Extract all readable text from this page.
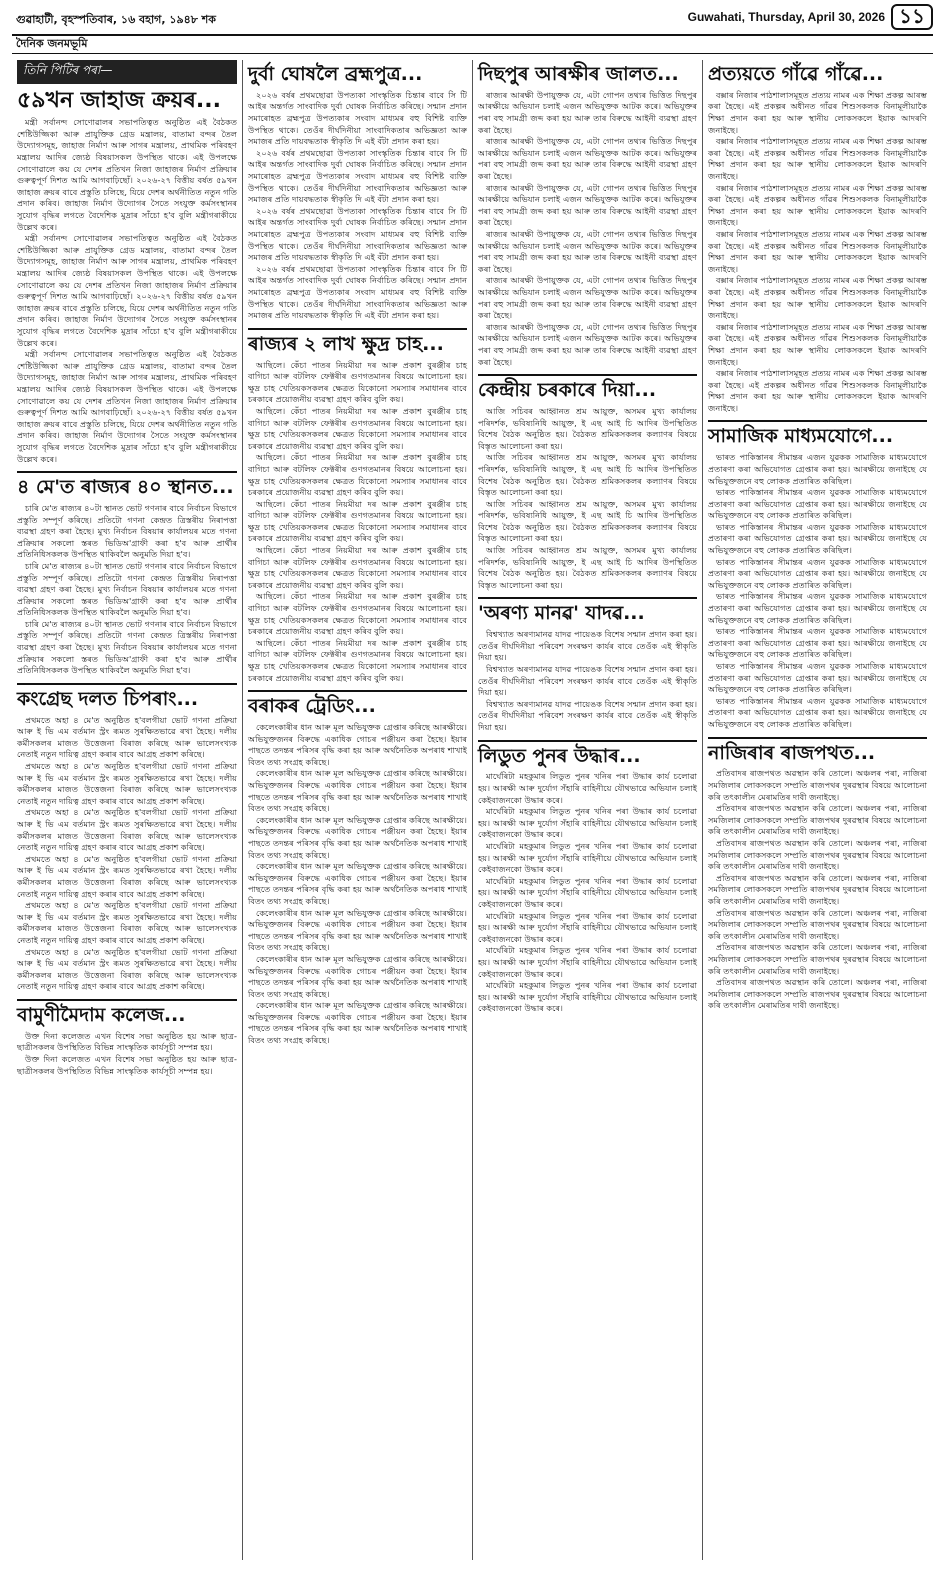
গুৱাহাটী, বৃহস্পতিবাৰ, ১৬ বহাগ, ১৯৪৮ শক	Guwahati, Thursday, April 30, 2026 ১১
দৈনিক জনমভূমি
তিনি পিটিৰ পৰা—
৫৯খন জাহাজ ক্ৰয়ৰ...

মন্ত্ৰী সৰ্বানন্দ সোণোৱালৰ সভাপতিত্বত অনুষ্ঠিত এই বৈঠকত শেষ্টিউজ্জিকা আৰু প্ৰাযুক্তিক গ্ৰেড মন্ত্ৰালয়, বাতামা বন্দৰ তৈল উদ্যোগসমূহ, জাহাজ নিৰ্মাণ আৰু সাগৰ মন্ত্ৰালয়, প্ৰাথমিক পৰিবহণ মন্ত্ৰালয় আদিৰ জ্যেষ্ঠ বিষয়াসকল উপস্থিত থাকে। এই উপলক্ষে সোণোৱালে কয় যে দেশৰ প্ৰতিখন নিজা জাহাজৰ নিৰ্মাণ প্ৰক্ৰিয়াৰ গুৰুত্বপূৰ্ণ দিশত আমি আগবাঢ়িছোঁ। ২০২৬-২৭ বিত্তীয় বৰ্ষত ৫৯খন জাহাজ ক্ৰয়ৰ বাবে প্ৰস্তুতি চলিছে, যিয়ে দেশৰ অৰ্থনীতিত নতুন গতি প্ৰদান কৰিব। জাহাজ নিৰ্মাণ উদ্যোগৰ সৈতে সংযুক্ত কৰ্মসংস্থানৰ সুযোগ বৃদ্ধিৰ লগতে বৈদেশিক মুদ্ৰাৰ সাঁচো হ'ব বুলি মন্ত্ৰীগৰাকীয়ে উল্লেখ কৰে।

মন্ত্ৰী সৰ্বানন্দ সোণোৱালৰ সভাপতিত্বত অনুষ্ঠিত এই বৈঠকত শেষ্টিউজ্জিকা আৰু প্ৰাযুক্তিক গ্ৰেড মন্ত্ৰালয়, বাতামা বন্দৰ তৈল উদ্যোগসমূহ, জাহাজ নিৰ্মাণ আৰু সাগৰ মন্ত্ৰালয়, প্ৰাথমিক পৰিবহণ মন্ত্ৰালয় আদিৰ জ্যেষ্ঠ বিষয়াসকল উপস্থিত থাকে। এই উপলক্ষে সোণোৱালে কয় যে দেশৰ প্ৰতিখন নিজা জাহাজৰ নিৰ্মাণ প্ৰক্ৰিয়াৰ গুৰুত্বপূৰ্ণ দিশত আমি আগবাঢ়িছোঁ। ২০২৬-২৭ বিত্তীয় বৰ্ষত ৫৯খন জাহাজ ক্ৰয়ৰ বাবে প্ৰস্তুতি চলিছে, যিয়ে দেশৰ অৰ্থনীতিত নতুন গতি প্ৰদান কৰিব। জাহাজ নিৰ্মাণ উদ্যোগৰ সৈতে সংযুক্ত কৰ্মসংস্থানৰ সুযোগ বৃদ্ধিৰ লগতে বৈদেশিক মুদ্ৰাৰ সাঁচো হ'ব বুলি মন্ত্ৰীগৰাকীয়ে উল্লেখ কৰে।

মন্ত্ৰী সৰ্বানন্দ সোণোৱালৰ সভাপতিত্বত অনুষ্ঠিত এই বৈঠকত শেষ্টিউজ্জিকা আৰু প্ৰাযুক্তিক গ্ৰেড মন্ত্ৰালয়, বাতামা বন্দৰ তৈল উদ্যোগসমূহ, জাহাজ নিৰ্মাণ আৰু সাগৰ মন্ত্ৰালয়, প্ৰাথমিক পৰিবহণ মন্ত্ৰালয় আদিৰ জ্যেষ্ঠ বিষয়াসকল উপস্থিত থাকে। এই উপলক্ষে সোণোৱালে কয় যে দেশৰ প্ৰতিখন নিজা জাহাজৰ নিৰ্মাণ প্ৰক্ৰিয়াৰ গুৰুত্বপূৰ্ণ দিশত আমি আগবাঢ়িছোঁ। ২০২৬-২৭ বিত্তীয় বৰ্ষত ৫৯খন জাহাজ ক্ৰয়ৰ বাবে প্ৰস্তুতি চলিছে, যিয়ে দেশৰ অৰ্থনীতিত নতুন গতি প্ৰদান কৰিব। জাহাজ নিৰ্মাণ উদ্যোগৰ সৈতে সংযুক্ত কৰ্মসংস্থানৰ সুযোগ বৃদ্ধিৰ লগতে বৈদেশিক মুদ্ৰাৰ সাঁচো হ'ব বুলি মন্ত্ৰীগৰাকীয়ে উল্লেখ কৰে।

৪ মে'ত ৰাজ্যৰ ৪০ স্থানত...

চাৰি মে'ত ৰাজ্যৰ ৪০টা স্থানত ভোট গণনাৰ বাবে নিৰ্বাচন বিভাগে প্ৰস্তুতি সম্পূৰ্ণ কৰিছে। প্ৰতিটো গণনা কেন্দ্ৰত ত্ৰিস্তৰীয় নিৰাপত্তা ব্যৱস্থা গ্ৰহণ কৰা হৈছে। মুখ্য নিৰ্বাচন বিষয়াৰ কাৰ্যালয়ৰ মতে গণনা প্ৰক্ৰিয়াৰ সকলো স্তৰত ভিডিঅ'গ্ৰাফী কৰা হ'ব আৰু প্ৰাৰ্থীৰ প্ৰতিনিধিসকলক উপস্থিত থাকিবলৈ অনুমতি দিয়া হ'ব।

চাৰি মে'ত ৰাজ্যৰ ৪০টা স্থানত ভোট গণনাৰ বাবে নিৰ্বাচন বিভাগে প্ৰস্তুতি সম্পূৰ্ণ কৰিছে। প্ৰতিটো গণনা কেন্দ্ৰত ত্ৰিস্তৰীয় নিৰাপত্তা ব্যৱস্থা গ্ৰহণ কৰা হৈছে। মুখ্য নিৰ্বাচন বিষয়াৰ কাৰ্যালয়ৰ মতে গণনা প্ৰক্ৰিয়াৰ সকলো স্তৰত ভিডিঅ'গ্ৰাফী কৰা হ'ব আৰু প্ৰাৰ্থীৰ প্ৰতিনিধিসকলক উপস্থিত থাকিবলৈ অনুমতি দিয়া হ'ব।

চাৰি মে'ত ৰাজ্যৰ ৪০টা স্থানত ভোট গণনাৰ বাবে নিৰ্বাচন বিভাগে প্ৰস্তুতি সম্পূৰ্ণ কৰিছে। প্ৰতিটো গণনা কেন্দ্ৰত ত্ৰিস্তৰীয় নিৰাপত্তা ব্যৱস্থা গ্ৰহণ কৰা হৈছে। মুখ্য নিৰ্বাচন বিষয়াৰ কাৰ্যালয়ৰ মতে গণনা প্ৰক্ৰিয়াৰ সকলো স্তৰত ভিডিঅ'গ্ৰাফী কৰা হ'ব আৰু প্ৰাৰ্থীৰ প্ৰতিনিধিসকলক উপস্থিত থাকিবলৈ অনুমতি দিয়া হ'ব।

কংগ্ৰেছ দলত চিপৰাং...

প্ৰথমতে অহা ৪ মে'ত অনুষ্ঠিত হ'বলগীয়া ভোট গণনা প্ৰক্ৰিয়া আৰু ই ভি এম বৰ্তমান স্ট্ৰং ৰূমত সুৰক্ষিতভাৱে ৰখা হৈছে। দলীয় কৰ্মীসকলৰ মাজত উত্তেজনা বিৰাজ কৰিছে আৰু ভালেসংখ্যক নেতাই নতুন দায়িত্ব গ্ৰহণ কৰাৰ বাবে আগ্ৰহ প্ৰকাশ কৰিছে।

প্ৰথমতে অহা ৪ মে'ত অনুষ্ঠিত হ'বলগীয়া ভোট গণনা প্ৰক্ৰিয়া আৰু ই ভি এম বৰ্তমান স্ট্ৰং ৰূমত সুৰক্ষিতভাৱে ৰখা হৈছে। দলীয় কৰ্মীসকলৰ মাজত উত্তেজনা বিৰাজ কৰিছে আৰু ভালেসংখ্যক নেতাই নতুন দায়িত্ব গ্ৰহণ কৰাৰ বাবে আগ্ৰহ প্ৰকাশ কৰিছে।

প্ৰথমতে অহা ৪ মে'ত অনুষ্ঠিত হ'বলগীয়া ভোট গণনা প্ৰক্ৰিয়া আৰু ই ভি এম বৰ্তমান স্ট্ৰং ৰূমত সুৰক্ষিতভাৱে ৰখা হৈছে। দলীয় কৰ্মীসকলৰ মাজত উত্তেজনা বিৰাজ কৰিছে আৰু ভালেসংখ্যক নেতাই নতুন দায়িত্ব গ্ৰহণ কৰাৰ বাবে আগ্ৰহ প্ৰকাশ কৰিছে।

প্ৰথমতে অহা ৪ মে'ত অনুষ্ঠিত হ'বলগীয়া ভোট গণনা প্ৰক্ৰিয়া আৰু ই ভি এম বৰ্তমান স্ট্ৰং ৰূমত সুৰক্ষিতভাৱে ৰখা হৈছে। দলীয় কৰ্মীসকলৰ মাজত উত্তেজনা বিৰাজ কৰিছে আৰু ভালেসংখ্যক নেতাই নতুন দায়িত্ব গ্ৰহণ কৰাৰ বাবে আগ্ৰহ প্ৰকাশ কৰিছে।

প্ৰথমতে অহা ৪ মে'ত অনুষ্ঠিত হ'বলগীয়া ভোট গণনা প্ৰক্ৰিয়া আৰু ই ভি এম বৰ্তমান স্ট্ৰং ৰূমত সুৰক্ষিতভাৱে ৰখা হৈছে। দলীয় কৰ্মীসকলৰ মাজত উত্তেজনা বিৰাজ কৰিছে আৰু ভালেসংখ্যক নেতাই নতুন দায়িত্ব গ্ৰহণ কৰাৰ বাবে আগ্ৰহ প্ৰকাশ কৰিছে।

প্ৰথমতে অহা ৪ মে'ত অনুষ্ঠিত হ'বলগীয়া ভোট গণনা প্ৰক্ৰিয়া আৰু ই ভি এম বৰ্তমান স্ট্ৰং ৰূমত সুৰক্ষিতভাৱে ৰখা হৈছে। দলীয় কৰ্মীসকলৰ মাজত উত্তেজনা বিৰাজ কৰিছে আৰু ভালেসংখ্যক নেতাই নতুন দায়িত্ব গ্ৰহণ কৰাৰ বাবে আগ্ৰহ প্ৰকাশ কৰিছে।

বামুণীমৈদাম কলেজ...

উক্ত দিনা কলেজত এখন বিশেষ সভা অনুষ্ঠিত হয় আৰু ছাত্ৰ-ছাত্ৰীসকলৰ উপস্থিতিত বিভিন্ন সাংস্কৃতিক কাৰ্যসূচী সম্পন্ন হয়।

উক্ত দিনা কলেজত এখন বিশেষ সভা অনুষ্ঠিত হয় আৰু ছাত্ৰ-ছাত্ৰীসকলৰ উপস্থিতিত বিভিন্ন সাংস্কৃতিক কাৰ্যসূচী সম্পন্ন হয়।

দুৰ্বা ঘোষলৈ ব্ৰহ্মপুত্ৰ...

২০২৬ বৰ্ষৰ প্ৰথমছোৱা উপত্যকা সাংস্কৃতিক চিন্তাৰ বাবে সি টি আইৰ অন্তৰ্গত সাংবাদিক দুৰ্বা ঘোষক নিৰ্বাচিত কৰিছে। সন্মান প্ৰদান সমাৰোহত ব্ৰহ্মপুত্ৰ উপত্যকাৰ সংবাদ মাধ্যমৰ বহু বিশিষ্ট ব্যক্তি উপস্থিত থাকে। তেওঁৰ দীৰ্ঘদিনীয়া সাংবাদিকতাৰ অভিজ্ঞতা আৰু সমাজৰ প্ৰতি দায়বদ্ধতাক স্বীকৃতি দি এই বঁটা প্ৰদান কৰা হয়।

২০২৬ বৰ্ষৰ প্ৰথমছোৱা উপত্যকা সাংস্কৃতিক চিন্তাৰ বাবে সি টি আইৰ অন্তৰ্গত সাংবাদিক দুৰ্বা ঘোষক নিৰ্বাচিত কৰিছে। সন্মান প্ৰদান সমাৰোহত ব্ৰহ্মপুত্ৰ উপত্যকাৰ সংবাদ মাধ্যমৰ বহু বিশিষ্ট ব্যক্তি উপস্থিত থাকে। তেওঁৰ দীৰ্ঘদিনীয়া সাংবাদিকতাৰ অভিজ্ঞতা আৰু সমাজৰ প্ৰতি দায়বদ্ধতাক স্বীকৃতি দি এই বঁটা প্ৰদান কৰা হয়।

২০২৬ বৰ্ষৰ প্ৰথমছোৱা উপত্যকা সাংস্কৃতিক চিন্তাৰ বাবে সি টি আইৰ অন্তৰ্গত সাংবাদিক দুৰ্বা ঘোষক নিৰ্বাচিত কৰিছে। সন্মান প্ৰদান সমাৰোহত ব্ৰহ্মপুত্ৰ উপত্যকাৰ সংবাদ মাধ্যমৰ বহু বিশিষ্ট ব্যক্তি উপস্থিত থাকে। তেওঁৰ দীৰ্ঘদিনীয়া সাংবাদিকতাৰ অভিজ্ঞতা আৰু সমাজৰ প্ৰতি দায়বদ্ধতাক স্বীকৃতি দি এই বঁটা প্ৰদান কৰা হয়।

২০২৬ বৰ্ষৰ প্ৰথমছোৱা উপত্যকা সাংস্কৃতিক চিন্তাৰ বাবে সি টি আইৰ অন্তৰ্গত সাংবাদিক দুৰ্বা ঘোষক নিৰ্বাচিত কৰিছে। সন্মান প্ৰদান সমাৰোহত ব্ৰহ্মপুত্ৰ উপত্যকাৰ সংবাদ মাধ্যমৰ বহু বিশিষ্ট ব্যক্তি উপস্থিত থাকে। তেওঁৰ দীৰ্ঘদিনীয়া সাংবাদিকতাৰ অভিজ্ঞতা আৰু সমাজৰ প্ৰতি দায়বদ্ধতাক স্বীকৃতি দি এই বঁটা প্ৰদান কৰা হয়।

ৰাজ্যৰ ২ লাখ ক্ষুদ্ৰ চাহ...

আছিলে। কেঁচা পাতৰ নিয়মীয়া দৰ আৰু প্ৰকাশ বুৰঞ্জীৰ চাহ বাগিচা আৰু বটলিফ ফেক্টৰীৰ গুণগতমানৰ বিষয়ে আলোচনা হয়। ক্ষুদ্ৰ চাহ খেতিয়কসকলৰ ক্ষেত্ৰত যিকোনো সমস্যাৰ সমাধানৰ বাবে চৰকাৰে প্ৰয়োজনীয় ব্যৱস্থা গ্ৰহণ কৰিব বুলি কয়।

আছিলে। কেঁচা পাতৰ নিয়মীয়া দৰ আৰু প্ৰকাশ বুৰঞ্জীৰ চাহ বাগিচা আৰু বটলিফ ফেক্টৰীৰ গুণগতমানৰ বিষয়ে আলোচনা হয়। ক্ষুদ্ৰ চাহ খেতিয়কসকলৰ ক্ষেত্ৰত যিকোনো সমস্যাৰ সমাধানৰ বাবে চৰকাৰে প্ৰয়োজনীয় ব্যৱস্থা গ্ৰহণ কৰিব বুলি কয়।

আছিলে। কেঁচা পাতৰ নিয়মীয়া দৰ আৰু প্ৰকাশ বুৰঞ্জীৰ চাহ বাগিচা আৰু বটলিফ ফেক্টৰীৰ গুণগতমানৰ বিষয়ে আলোচনা হয়। ক্ষুদ্ৰ চাহ খেতিয়কসকলৰ ক্ষেত্ৰত যিকোনো সমস্যাৰ সমাধানৰ বাবে চৰকাৰে প্ৰয়োজনীয় ব্যৱস্থা গ্ৰহণ কৰিব বুলি কয়।

আছিলে। কেঁচা পাতৰ নিয়মীয়া দৰ আৰু প্ৰকাশ বুৰঞ্জীৰ চাহ বাগিচা আৰু বটলিফ ফেক্টৰীৰ গুণগতমানৰ বিষয়ে আলোচনা হয়। ক্ষুদ্ৰ চাহ খেতিয়কসকলৰ ক্ষেত্ৰত যিকোনো সমস্যাৰ সমাধানৰ বাবে চৰকাৰে প্ৰয়োজনীয় ব্যৱস্থা গ্ৰহণ কৰিব বুলি কয়।

আছিলে। কেঁচা পাতৰ নিয়মীয়া দৰ আৰু প্ৰকাশ বুৰঞ্জীৰ চাহ বাগিচা আৰু বটলিফ ফেক্টৰীৰ গুণগতমানৰ বিষয়ে আলোচনা হয়। ক্ষুদ্ৰ চাহ খেতিয়কসকলৰ ক্ষেত্ৰত যিকোনো সমস্যাৰ সমাধানৰ বাবে চৰকাৰে প্ৰয়োজনীয় ব্যৱস্থা গ্ৰহণ কৰিব বুলি কয়।

আছিলে। কেঁচা পাতৰ নিয়মীয়া দৰ আৰু প্ৰকাশ বুৰঞ্জীৰ চাহ বাগিচা আৰু বটলিফ ফেক্টৰীৰ গুণগতমানৰ বিষয়ে আলোচনা হয়। ক্ষুদ্ৰ চাহ খেতিয়কসকলৰ ক্ষেত্ৰত যিকোনো সমস্যাৰ সমাধানৰ বাবে চৰকাৰে প্ৰয়োজনীয় ব্যৱস্থা গ্ৰহণ কৰিব বুলি কয়।

আছিলে। কেঁচা পাতৰ নিয়মীয়া দৰ আৰু প্ৰকাশ বুৰঞ্জীৰ চাহ বাগিচা আৰু বটলিফ ফেক্টৰীৰ গুণগতমানৰ বিষয়ে আলোচনা হয়। ক্ষুদ্ৰ চাহ খেতিয়কসকলৰ ক্ষেত্ৰত যিকোনো সমস্যাৰ সমাধানৰ বাবে চৰকাৰে প্ৰয়োজনীয় ব্যৱস্থা গ্ৰহণ কৰিব বুলি কয়।

বৰাকৰ ট্ৰেডিং...

কেলেংকাৰীৰ ধান আৰু মূল অভিযুক্তক গ্ৰেপ্তাৰ কৰিছে আৰক্ষীয়ে। অভিযুক্তজনৰ বিৰুদ্ধে একাধিক গোচৰ পঞ্জীয়ন কৰা হৈছে। ইয়াৰ পাছতে তদন্তৰ পৰিসৰ বৃদ্ধি কৰা হয় আৰু অৰ্থনৈতিক অপৰাধ শাখাই বিতং তথ্য সংগ্ৰহ কৰিছে।

কেলেংকাৰীৰ ধান আৰু মূল অভিযুক্তক গ্ৰেপ্তাৰ কৰিছে আৰক্ষীয়ে। অভিযুক্তজনৰ বিৰুদ্ধে একাধিক গোচৰ পঞ্জীয়ন কৰা হৈছে। ইয়াৰ পাছতে তদন্তৰ পৰিসৰ বৃদ্ধি কৰা হয় আৰু অৰ্থনৈতিক অপৰাধ শাখাই বিতং তথ্য সংগ্ৰহ কৰিছে।

কেলেংকাৰীৰ ধান আৰু মূল অভিযুক্তক গ্ৰেপ্তাৰ কৰিছে আৰক্ষীয়ে। অভিযুক্তজনৰ বিৰুদ্ধে একাধিক গোচৰ পঞ্জীয়ন কৰা হৈছে। ইয়াৰ পাছতে তদন্তৰ পৰিসৰ বৃদ্ধি কৰা হয় আৰু অৰ্থনৈতিক অপৰাধ শাখাই বিতং তথ্য সংগ্ৰহ কৰিছে।

কেলেংকাৰীৰ ধান আৰু মূল অভিযুক্তক গ্ৰেপ্তাৰ কৰিছে আৰক্ষীয়ে। অভিযুক্তজনৰ বিৰুদ্ধে একাধিক গোচৰ পঞ্জীয়ন কৰা হৈছে। ইয়াৰ পাছতে তদন্তৰ পৰিসৰ বৃদ্ধি কৰা হয় আৰু অৰ্থনৈতিক অপৰাধ শাখাই বিতং তথ্য সংগ্ৰহ কৰিছে।

কেলেংকাৰীৰ ধান আৰু মূল অভিযুক্তক গ্ৰেপ্তাৰ কৰিছে আৰক্ষীয়ে। অভিযুক্তজনৰ বিৰুদ্ধে একাধিক গোচৰ পঞ্জীয়ন কৰা হৈছে। ইয়াৰ পাছতে তদন্তৰ পৰিসৰ বৃদ্ধি কৰা হয় আৰু অৰ্থনৈতিক অপৰাধ শাখাই বিতং তথ্য সংগ্ৰহ কৰিছে।

কেলেংকাৰীৰ ধান আৰু মূল অভিযুক্তক গ্ৰেপ্তাৰ কৰিছে আৰক্ষীয়ে। অভিযুক্তজনৰ বিৰুদ্ধে একাধিক গোচৰ পঞ্জীয়ন কৰা হৈছে। ইয়াৰ পাছতে তদন্তৰ পৰিসৰ বৃদ্ধি কৰা হয় আৰু অৰ্থনৈতিক অপৰাধ শাখাই বিতং তথ্য সংগ্ৰহ কৰিছে।

কেলেংকাৰীৰ ধান আৰু মূল অভিযুক্তক গ্ৰেপ্তাৰ কৰিছে আৰক্ষীয়ে। অভিযুক্তজনৰ বিৰুদ্ধে একাধিক গোচৰ পঞ্জীয়ন কৰা হৈছে। ইয়াৰ পাছতে তদন্তৰ পৰিসৰ বৃদ্ধি কৰা হয় আৰু অৰ্থনৈতিক অপৰাধ শাখাই বিতং তথ্য সংগ্ৰহ কৰিছে।

দিছপুৰ আৰক্ষীৰ জালত...

ৰাজ্যৰ আৰক্ষী উপায়ুক্তক যে, এটা গোপন তথ্যৰ ভিত্তিত দিছপুৰ আৰক্ষীয়ে অভিযান চলাই এজন অভিযুক্তক আটক কৰে। অভিযুক্তৰ পৰা বহু সামগ্ৰী জব্দ কৰা হয় আৰু তাৰ বিৰুদ্ধে আইনী ব্যৱস্থা গ্ৰহণ কৰা হৈছে।

ৰাজ্যৰ আৰক্ষী উপায়ুক্তক যে, এটা গোপন তথ্যৰ ভিত্তিত দিছপুৰ আৰক্ষীয়ে অভিযান চলাই এজন অভিযুক্তক আটক কৰে। অভিযুক্তৰ পৰা বহু সামগ্ৰী জব্দ কৰা হয় আৰু তাৰ বিৰুদ্ধে আইনী ব্যৱস্থা গ্ৰহণ কৰা হৈছে।

ৰাজ্যৰ আৰক্ষী উপায়ুক্তক যে, এটা গোপন তথ্যৰ ভিত্তিত দিছপুৰ আৰক্ষীয়ে অভিযান চলাই এজন অভিযুক্তক আটক কৰে। অভিযুক্তৰ পৰা বহু সামগ্ৰী জব্দ কৰা হয় আৰু তাৰ বিৰুদ্ধে আইনী ব্যৱস্থা গ্ৰহণ কৰা হৈছে।

ৰাজ্যৰ আৰক্ষী উপায়ুক্তক যে, এটা গোপন তথ্যৰ ভিত্তিত দিছপুৰ আৰক্ষীয়ে অভিযান চলাই এজন অভিযুক্তক আটক কৰে। অভিযুক্তৰ পৰা বহু সামগ্ৰী জব্দ কৰা হয় আৰু তাৰ বিৰুদ্ধে আইনী ব্যৱস্থা গ্ৰহণ কৰা হৈছে।

ৰাজ্যৰ আৰক্ষী উপায়ুক্তক যে, এটা গোপন তথ্যৰ ভিত্তিত দিছপুৰ আৰক্ষীয়ে অভিযান চলাই এজন অভিযুক্তক আটক কৰে। অভিযুক্তৰ পৰা বহু সামগ্ৰী জব্দ কৰা হয় আৰু তাৰ বিৰুদ্ধে আইনী ব্যৱস্থা গ্ৰহণ কৰা হৈছে।

ৰাজ্যৰ আৰক্ষী উপায়ুক্তক যে, এটা গোপন তথ্যৰ ভিত্তিত দিছপুৰ আৰক্ষীয়ে অভিযান চলাই এজন অভিযুক্তক আটক কৰে। অভিযুক্তৰ পৰা বহু সামগ্ৰী জব্দ কৰা হয় আৰু তাৰ বিৰুদ্ধে আইনী ব্যৱস্থা গ্ৰহণ কৰা হৈছে।

কেন্দ্ৰীয় চৰকাৰে দিয়া...

আজি সচিবৰ আহ্বানত শ্ৰম আয়ুক্ত, অসমৰ মুখ্য কাৰ্যালয় পৰিদৰ্শক, ভবিষ্যনিধি আয়ুক্ত, ই এছ আই চি আদিৰ উপস্থিতিত বিশেষ বৈঠক অনুষ্ঠিত হয়। বৈঠকত শ্ৰমিকসকলৰ কল্যাণৰ বিষয়ে বিস্তৃত আলোচনা কৰা হয়।

আজি সচিবৰ আহ্বানত শ্ৰম আয়ুক্ত, অসমৰ মুখ্য কাৰ্যালয় পৰিদৰ্শক, ভবিষ্যনিধি আয়ুক্ত, ই এছ আই চি আদিৰ উপস্থিতিত বিশেষ বৈঠক অনুষ্ঠিত হয়। বৈঠকত শ্ৰমিকসকলৰ কল্যাণৰ বিষয়ে বিস্তৃত আলোচনা কৰা হয়।

আজি সচিবৰ আহ্বানত শ্ৰম আয়ুক্ত, অসমৰ মুখ্য কাৰ্যালয় পৰিদৰ্শক, ভবিষ্যনিধি আয়ুক্ত, ই এছ আই চি আদিৰ উপস্থিতিত বিশেষ বৈঠক অনুষ্ঠিত হয়। বৈঠকত শ্ৰমিকসকলৰ কল্যাণৰ বিষয়ে বিস্তৃত আলোচনা কৰা হয়।

আজি সচিবৰ আহ্বানত শ্ৰম আয়ুক্ত, অসমৰ মুখ্য কাৰ্যালয় পৰিদৰ্শক, ভবিষ্যনিধি আয়ুক্ত, ই এছ আই চি আদিৰ উপস্থিতিত বিশেষ বৈঠক অনুষ্ঠিত হয়। বৈঠকত শ্ৰমিকসকলৰ কল্যাণৰ বিষয়ে বিস্তৃত আলোচনা কৰা হয়।

'অৰণ্য মানৱ' যাদৱ...

বিশ্বখ্যাত অৰণ্যমানৱ যাদৱ পায়েঙক বিশেষ সন্মান প্ৰদান কৰা হয়। তেওঁৰ দীৰ্ঘদিনীয়া পৰিবেশ সংৰক্ষণ কাৰ্যৰ বাবে তেওঁক এই স্বীকৃতি দিয়া হয়।

বিশ্বখ্যাত অৰণ্যমানৱ যাদৱ পায়েঙক বিশেষ সন্মান প্ৰদান কৰা হয়। তেওঁৰ দীৰ্ঘদিনীয়া পৰিবেশ সংৰক্ষণ কাৰ্যৰ বাবে তেওঁক এই স্বীকৃতি দিয়া হয়।

বিশ্বখ্যাত অৰণ্যমানৱ যাদৱ পায়েঙক বিশেষ সন্মান প্ৰদান কৰা হয়। তেওঁৰ দীৰ্ঘদিনীয়া পৰিবেশ সংৰক্ষণ কাৰ্যৰ বাবে তেওঁক এই স্বীকৃতি দিয়া হয়।

লিডুত পুনৰ উদ্ধাৰ...

মাৰ্ঘেৰিটা মহকুমাৰ লিডুত পুনৰ খনিৰ পৰা উদ্ধাৰ কাৰ্য চলোৱা হয়। আৰক্ষী আৰু দুৰ্যোগ সঁহাৰি বাহিনীয়ে যৌথভাৱে অভিযান চলাই কেইবাজনকো উদ্ধাৰ কৰে।

মাৰ্ঘেৰিটা মহকুমাৰ লিডুত পুনৰ খনিৰ পৰা উদ্ধাৰ কাৰ্য চলোৱা হয়। আৰক্ষী আৰু দুৰ্যোগ সঁহাৰি বাহিনীয়ে যৌথভাৱে অভিযান চলাই কেইবাজনকো উদ্ধাৰ কৰে।

মাৰ্ঘেৰিটা মহকুমাৰ লিডুত পুনৰ খনিৰ পৰা উদ্ধাৰ কাৰ্য চলোৱা হয়। আৰক্ষী আৰু দুৰ্যোগ সঁহাৰি বাহিনীয়ে যৌথভাৱে অভিযান চলাই কেইবাজনকো উদ্ধাৰ কৰে।

মাৰ্ঘেৰিটা মহকুমাৰ লিডুত পুনৰ খনিৰ পৰা উদ্ধাৰ কাৰ্য চলোৱা হয়। আৰক্ষী আৰু দুৰ্যোগ সঁহাৰি বাহিনীয়ে যৌথভাৱে অভিযান চলাই কেইবাজনকো উদ্ধাৰ কৰে।

মাৰ্ঘেৰিটা মহকুমাৰ লিডুত পুনৰ খনিৰ পৰা উদ্ধাৰ কাৰ্য চলোৱা হয়। আৰক্ষী আৰু দুৰ্যোগ সঁহাৰি বাহিনীয়ে যৌথভাৱে অভিযান চলাই কেইবাজনকো উদ্ধাৰ কৰে।

মাৰ্ঘেৰিটা মহকুমাৰ লিডুত পুনৰ খনিৰ পৰা উদ্ধাৰ কাৰ্য চলোৱা হয়। আৰক্ষী আৰু দুৰ্যোগ সঁহাৰি বাহিনীয়ে যৌথভাৱে অভিযান চলাই কেইবাজনকো উদ্ধাৰ কৰে।

মাৰ্ঘেৰিটা মহকুমাৰ লিডুত পুনৰ খনিৰ পৰা উদ্ধাৰ কাৰ্য চলোৱা হয়। আৰক্ষী আৰু দুৰ্যোগ সঁহাৰি বাহিনীয়ে যৌথভাৱে অভিযান চলাই কেইবাজনকো উদ্ধাৰ কৰে।

প্ৰত্যয়তে গাঁৱে গাঁৱে...

বক্সাৰ নিজাৰ পাঠশালাসমূহত প্ৰত্যয় নামৰ এক শিক্ষা প্ৰকল্প আৰম্ভ কৰা হৈছে। এই প্ৰকল্পৰ অধীনত গাঁৱৰ শিশুসকলক বিনামূলীয়াকৈ শিক্ষা প্ৰদান কৰা হয় আৰু স্থানীয় লোকসকলে ইয়াক আদৰণি জনাইছে।

বক্সাৰ নিজাৰ পাঠশালাসমূহত প্ৰত্যয় নামৰ এক শিক্ষা প্ৰকল্প আৰম্ভ কৰা হৈছে। এই প্ৰকল্পৰ অধীনত গাঁৱৰ শিশুসকলক বিনামূলীয়াকৈ শিক্ষা প্ৰদান কৰা হয় আৰু স্থানীয় লোকসকলে ইয়াক আদৰণি জনাইছে।

বক্সাৰ নিজাৰ পাঠশালাসমূহত প্ৰত্যয় নামৰ এক শিক্ষা প্ৰকল্প আৰম্ভ কৰা হৈছে। এই প্ৰকল্পৰ অধীনত গাঁৱৰ শিশুসকলক বিনামূলীয়াকৈ শিক্ষা প্ৰদান কৰা হয় আৰু স্থানীয় লোকসকলে ইয়াক আদৰণি জনাইছে।

বক্সাৰ নিজাৰ পাঠশালাসমূহত প্ৰত্যয় নামৰ এক শিক্ষা প্ৰকল্প আৰম্ভ কৰা হৈছে। এই প্ৰকল্পৰ অধীনত গাঁৱৰ শিশুসকলক বিনামূলীয়াকৈ শিক্ষা প্ৰদান কৰা হয় আৰু স্থানীয় লোকসকলে ইয়াক আদৰণি জনাইছে।

বক্সাৰ নিজাৰ পাঠশালাসমূহত প্ৰত্যয় নামৰ এক শিক্ষা প্ৰকল্প আৰম্ভ কৰা হৈছে। এই প্ৰকল্পৰ অধীনত গাঁৱৰ শিশুসকলক বিনামূলীয়াকৈ শিক্ষা প্ৰদান কৰা হয় আৰু স্থানীয় লোকসকলে ইয়াক আদৰণি জনাইছে।

বক্সাৰ নিজাৰ পাঠশালাসমূহত প্ৰত্যয় নামৰ এক শিক্ষা প্ৰকল্প আৰম্ভ কৰা হৈছে। এই প্ৰকল্পৰ অধীনত গাঁৱৰ শিশুসকলক বিনামূলীয়াকৈ শিক্ষা প্ৰদান কৰা হয় আৰু স্থানীয় লোকসকলে ইয়াক আদৰণি জনাইছে।

বক্সাৰ নিজাৰ পাঠশালাসমূহত প্ৰত্যয় নামৰ এক শিক্ষা প্ৰকল্প আৰম্ভ কৰা হৈছে। এই প্ৰকল্পৰ অধীনত গাঁৱৰ শিশুসকলক বিনামূলীয়াকৈ শিক্ষা প্ৰদান কৰা হয় আৰু স্থানীয় লোকসকলে ইয়াক আদৰণি জনাইছে।

সামাজিক মাধ্যমযোগে...

ভাৰত পাকিস্তানৰ সীমান্তৰ এজন যুৱকক সামাজিক মাধ্যমযোগে প্ৰতাৰণা কৰা অভিযোগত গ্ৰেপ্তাৰ কৰা হয়। আৰক্ষীয়ে জনাইছে যে অভিযুক্তজনে বহু লোকক প্ৰতাৰিত কৰিছিল।

ভাৰত পাকিস্তানৰ সীমান্তৰ এজন যুৱকক সামাজিক মাধ্যমযোগে প্ৰতাৰণা কৰা অভিযোগত গ্ৰেপ্তাৰ কৰা হয়। আৰক্ষীয়ে জনাইছে যে অভিযুক্তজনে বহু লোকক প্ৰতাৰিত কৰিছিল।

ভাৰত পাকিস্তানৰ সীমান্তৰ এজন যুৱকক সামাজিক মাধ্যমযোগে প্ৰতাৰণা কৰা অভিযোগত গ্ৰেপ্তাৰ কৰা হয়। আৰক্ষীয়ে জনাইছে যে অভিযুক্তজনে বহু লোকক প্ৰতাৰিত কৰিছিল।

ভাৰত পাকিস্তানৰ সীমান্তৰ এজন যুৱকক সামাজিক মাধ্যমযোগে প্ৰতাৰণা কৰা অভিযোগত গ্ৰেপ্তাৰ কৰা হয়। আৰক্ষীয়ে জনাইছে যে অভিযুক্তজনে বহু লোকক প্ৰতাৰিত কৰিছিল।

ভাৰত পাকিস্তানৰ সীমান্তৰ এজন যুৱকক সামাজিক মাধ্যমযোগে প্ৰতাৰণা কৰা অভিযোগত গ্ৰেপ্তাৰ কৰা হয়। আৰক্ষীয়ে জনাইছে যে অভিযুক্তজনে বহু লোকক প্ৰতাৰিত কৰিছিল।

ভাৰত পাকিস্তানৰ সীমান্তৰ এজন যুৱকক সামাজিক মাধ্যমযোগে প্ৰতাৰণা কৰা অভিযোগত গ্ৰেপ্তাৰ কৰা হয়। আৰক্ষীয়ে জনাইছে যে অভিযুক্তজনে বহু লোকক প্ৰতাৰিত কৰিছিল।

ভাৰত পাকিস্তানৰ সীমান্তৰ এজন যুৱকক সামাজিক মাধ্যমযোগে প্ৰতাৰণা কৰা অভিযোগত গ্ৰেপ্তাৰ কৰা হয়। আৰক্ষীয়ে জনাইছে যে অভিযুক্তজনে বহু লোকক প্ৰতাৰিত কৰিছিল।

ভাৰত পাকিস্তানৰ সীমান্তৰ এজন যুৱকক সামাজিক মাধ্যমযোগে প্ৰতাৰণা কৰা অভিযোগত গ্ৰেপ্তাৰ কৰা হয়। আৰক্ষীয়ে জনাইছে যে অভিযুক্তজনে বহু লোকক প্ৰতাৰিত কৰিছিল।

নাজিৰাৰ ৰাজপথত...

প্ৰতিবাদৰ ৰাজপথত অৱস্থান কৰি তোলে। অঞ্চলৰ পৰা, নাজিৰা সমজিলাৰ লোকসকলে সম্প্ৰতি ৰাজপথৰ দুৰৱস্থাৰ বিষয়ে আলোচনা কৰি তৎকালীন মেৰামতিৰ দাবী জনাইছে।

প্ৰতিবাদৰ ৰাজপথত অৱস্থান কৰি তোলে। অঞ্চলৰ পৰা, নাজিৰা সমজিলাৰ লোকসকলে সম্প্ৰতি ৰাজপথৰ দুৰৱস্থাৰ বিষয়ে আলোচনা কৰি তৎকালীন মেৰামতিৰ দাবী জনাইছে।

প্ৰতিবাদৰ ৰাজপথত অৱস্থান কৰি তোলে। অঞ্চলৰ পৰা, নাজিৰা সমজিলাৰ লোকসকলে সম্প্ৰতি ৰাজপথৰ দুৰৱস্থাৰ বিষয়ে আলোচনা কৰি তৎকালীন মেৰামতিৰ দাবী জনাইছে।

প্ৰতিবাদৰ ৰাজপথত অৱস্থান কৰি তোলে। অঞ্চলৰ পৰা, নাজিৰা সমজিলাৰ লোকসকলে সম্প্ৰতি ৰাজপথৰ দুৰৱস্থাৰ বিষয়ে আলোচনা কৰি তৎকালীন মেৰামতিৰ দাবী জনাইছে।

প্ৰতিবাদৰ ৰাজপথত অৱস্থান কৰি তোলে। অঞ্চলৰ পৰা, নাজিৰা সমজিলাৰ লোকসকলে সম্প্ৰতি ৰাজপথৰ দুৰৱস্থাৰ বিষয়ে আলোচনা কৰি তৎকালীন মেৰামতিৰ দাবী জনাইছে।

প্ৰতিবাদৰ ৰাজপথত অৱস্থান কৰি তোলে। অঞ্চলৰ পৰা, নাজিৰা সমজিলাৰ লোকসকলে সম্প্ৰতি ৰাজপথৰ দুৰৱস্থাৰ বিষয়ে আলোচনা কৰি তৎকালীন মেৰামতিৰ দাবী জনাইছে।

প্ৰতিবাদৰ ৰাজপথত অৱস্থান কৰি তোলে। অঞ্চলৰ পৰা, নাজিৰা সমজিলাৰ লোকসকলে সম্প্ৰতি ৰাজপথৰ দুৰৱস্থাৰ বিষয়ে আলোচনা কৰি তৎকালীন মেৰামতিৰ দাবী জনাইছে।
